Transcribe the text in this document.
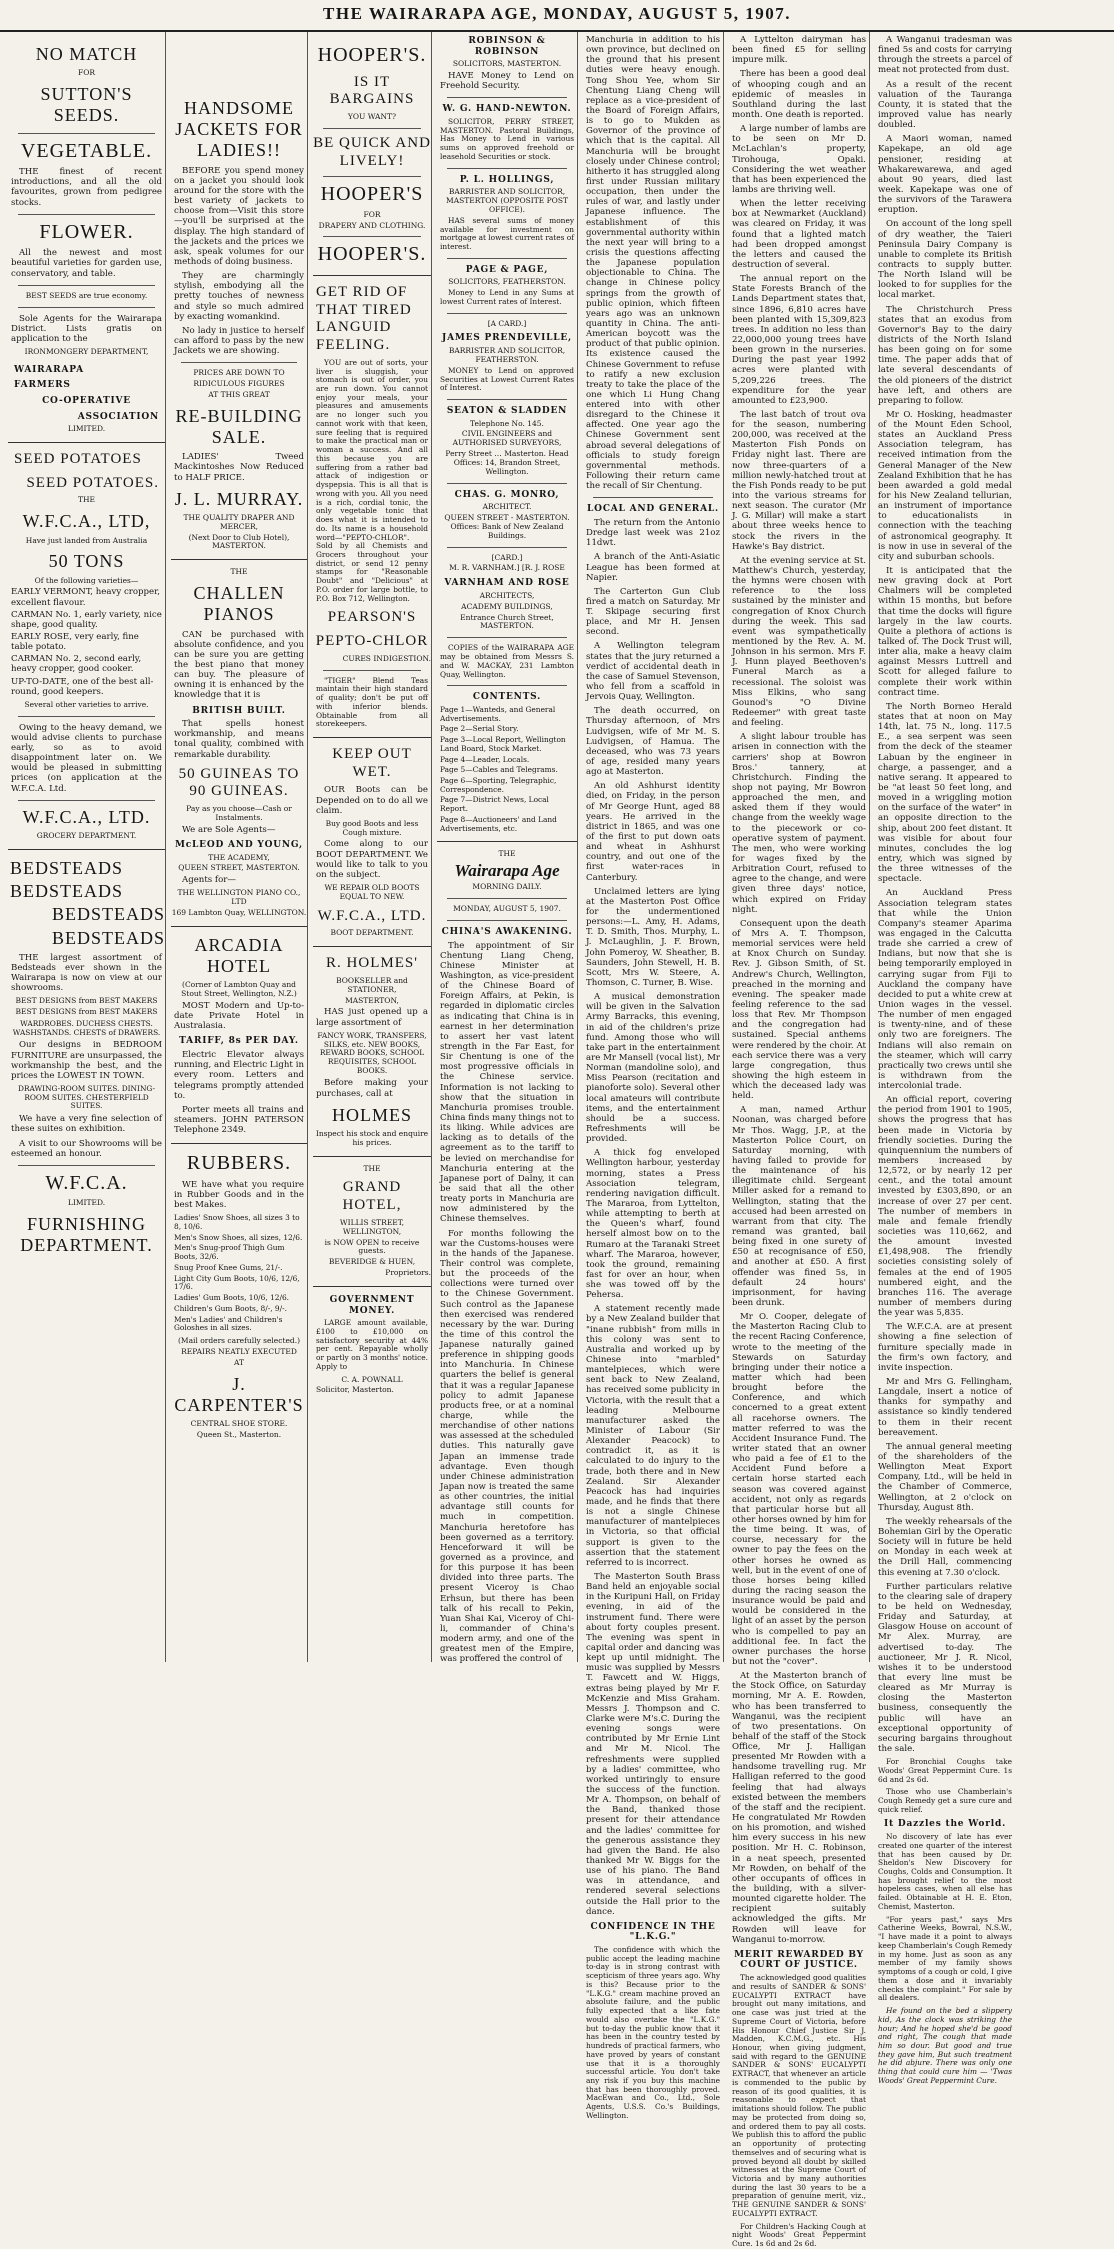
THE WAIRARAPA AGE, MONDAY, AUGUST 5, 1907.
NO MATCH
FOR
SUTTON'S SEEDS.
VEGETABLE.
THE finest of recent introductions, and all the old favourites, grown from pedigree stocks.
FLOWER.
All the newest and most beautiful varieties for garden use, conservatory, and table.
BEST SEEDS are true economy.
Sole Agents for the Wairarapa District. Lists gratis on application to the
IRONMONGERY DEPARTMENT,
WAIRARAPA
FARMERS
CO-OPERATIVE
ASSOCIATION
LIMITED.
SEED POTATOES
SEED POTATOES.
THE
W.F.C.A., LTD,
Have just landed from Australia
50 TONS
Of the following varieties—
EARLY VERMONT, heavy cropper, excellent flavour.
CARMAN No. 1, early variety, nice shape, good quality.
EARLY ROSE, very early, fine table potato.
CARMAN No. 2, second early, heavy cropper, good cooker.
UP-TO-DATE, one of the best all-round, good keepers.
Several other varieties to arrive.
Owing to the heavy demand, we would advise clients to purchase early, so as to avoid disappointment later on. We would be pleased in submitting prices (on application at the W.F.C.A. Ltd.
W.F.C.A., LTD.
GROCERY DEPARTMENT.
BEDSTEADS
BEDSTEADS
BEDSTEADS
BEDSTEADS
THE largest assortment of Bedsteads ever shown in the Wairarapa is now on view at our showrooms.
BEST DESIGNS from BEST MAKERS
BEST DESIGNS from BEST MAKERS
WARDROBES. DUCHESS CHESTS. WASHSTANDS. CHESTS of DRAWERS.
Our designs in BEDROOM FURNITURE are unsurpassed, the workmanship the best, and the prices the LOWEST IN TOWN.
DRAWING-ROOM SUITES. DINING-ROOM SUITES. CHESTERFIELD SUITES.
We have a very fine selection of these suites on exhibition.
A visit to our Showrooms will be esteemed an honour.
W.F.C.A.
LIMITED.
FURNISHING DEPARTMENT.
HANDSOME JACKETS FOR LADIES!!
BEFORE you spend money on a jacket you should look around for the store with the best variety of jackets to choose from—Visit this store—you'll be surprised at the display. The high standard of the jackets and the prices we ask, speak volumes for our methods of doing business.
They are charmingly stylish, embodying all the pretty touches of newness and style so much admired by exacting womankind.
No lady in justice to herself can afford to pass by the new Jackets we are showing.
PRICES ARE DOWN TO
RIDICULOUS FIGURES
AT THIS GREAT
RE-BUILDING SALE.
LADIES' Tweed Mackintoshes Now Reduced to HALF PRICE.
J. L. MURRAY.
THE QUALITY DRAPER AND MERCER,
(Next Door to Club Hotel), MASTERTON.
THE
CHALLEN PIANOS
CAN be purchased with absolute confidence, and you can be sure you are getting the best piano that money can buy. The pleasure of owning it is enhanced by the knowledge that it is
BRITISH BUILT.
That spells honest workmanship, and means tonal quality, combined with remarkable durability.
50 GUINEAS TO 90 GUINEAS.
Pay as you choose—Cash or Instalments.
We are Sole Agents—
McLEOD AND YOUNG,
THE ACADEMY,
QUEEN STREET, MASTERTON.
Agents for—
THE WELLINGTON PIANO CO., LTD
169 Lambton Quay, WELLINGTON.
ARCADIA HOTEL
(Corner of Lambton Quay and Stout Street, Wellington, N.Z.)
MOST Modern and Up-to-date Private Hotel in Australasia.
TARIFF, 8s PER DAY.
Electric Elevator always running, and Electric Light in every room. Letters and telegrams promptly attended to.
Porter meets all trains and steamers. JOHN PATERSON Telephone 2349.
RUBBERS.
WE have what you require in Rubber Goods and in the best Makes.
Ladies' Snow Shoes, all sizes 3 to 8, 10/6.
Men's Snow Shoes, all sizes, 12/6.
Men's Snug-proof Thigh Gum Boots, 32/6.
Snug Proof Knee Gums, 21/-.
Light City Gum Boots, 10/6, 12/6, 17/6.
Ladies' Gum Boots, 10/6, 12/6.
Children's Gum Boots, 8/-, 9/-.
Men's Ladies' and Children's Goloshes in all sizes.
(Mail orders carefully selected.)
REPAIRS NEATLY EXECUTED
AT
J. CARPENTER'S
CENTRAL SHOE STORE.
Queen St., Masterton.
HOOPER'S.
IS IT BARGAINS
YOU WANT?
BE QUICK AND LIVELY!
HOOPER'S
FOR
DRAPERY AND CLOTHING.
HOOPER'S.
GET RID OF THAT TIRED LANGUID FEELING.
YOU are out of sorts, your liver is sluggish, your stomach is out of order, you are run down. You cannot enjoy your meals, your pleasures and amusements are no longer such you cannot work with that keen, sure feeling that is required to make the practical man or woman a success. And all this because you are suffering from a rather bad attack of indigestion or dyspepsia. This is all that is wrong with you. All you need is a rich, cordial tonic, the only vegetable tonic that does what it is intended to do. Its name is a household word—"PEPTO-CHLOR". Sold by all Chemists and Grocers throughout your district, or send 12 penny stamps for "Reasonable Doubt" and "Delicious" at P.O. order for large bottle, to P.O. Box 712, Wellington.
PEARSON'S
PEPTO-CHLOR
CURES INDIGESTION.
"TIGER" Blend Teas maintain their high standard of quality; don't be put off with inferior blends. Obtainable from all storekeepers.
KEEP OUT WET.
OUR Boots can be Depended on to do all we claim.
Buy good Boots and less Cough mixture.
Come along to our BOOT DEPARTMENT. We would like to talk to you on the subject.
WE REPAIR OLD BOOTS EQUAL TO NEW.
W.F.C.A., LTD.
BOOT DEPARTMENT.
R. HOLMES'
BOOKSELLER and STATIONER,
MASTERTON,
HAS just opened up a large assortment of
FANCY WORK, TRANSFERS, SILKS, etc. NEW BOOKS, REWARD BOOKS, SCHOOL REQUISITES, SCHOOL BOOKS.
Before making your purchases, call at
HOLMES
Inspect his stock and enquire his prices.
THE
GRAND HOTEL,
WILLIS STREET, WELLINGTON,
is NOW OPEN to receive guests.
BEVERIDGE & HUEN,
Proprietors.
GOVERNMENT MONEY.
LARGE amount available, £100 to £10,000 on satisfactory security at 44% per cent. Repayable wholly or partly on 3 months' notice. Apply to
C. A. POWNALL
Solicitor, Masterton.
ROBINSON & ROBINSON
SOLICITORS, MASTERTON.
HAVE Money to Lend on Freehold Security.
W. G. HAND-NEWTON.
SOLICITOR, PERRY STREET, MASTERTON. Pastoral Buildings, Has Money to Lend in various sums on approved freehold or leasehold Securities or stock.
P. L. HOLLINGS,
BARRISTER AND SOLICITOR, MASTERTON (OPPOSITE POST OFFICE).
HAS several sums of money available for investment on mortgage at lowest current rates of interest.
PAGE & PAGE,
SOLICITORS, FEATHERSTON.
Money to Lend in any Sums at lowest Current rates of Interest.
[A CARD.]
JAMES PRENDEVILLE,
BARRISTER AND SOLICITOR, FEATHERSTON.
MONEY to Lend on approved Securities at Lowest Current Rates of Interest.
SEATON & SLADDEN
Telephone No. 145.
CIVIL ENGINEERS and AUTHORISED SURVEYORS,
Perry Street … Masterton. Head Offices: 14, Brandon Street, Wellington.
CHAS. G. MONRO,
ARCHITECT.
QUEEN STREET - MASTERTON. Offices: Bank of New Zealand Buildings.
[CARD.]
M. R. VARNHAM.] [R. J. ROSE
VARNHAM AND ROSE
ARCHITECTS,
ACADEMY BUILDINGS,
Entrance Church Street, MASTERTON.
COPIES of the WAIRARAPA AGE may be obtained from Messrs S. and W. MACKAY, 231 Lambton Quay, Wellington.
CONTENTS.
Page 1—Wanteds, and General Advertisements.
Page 2—Serial Story.
Page 3—Local Report, Wellington Land Board, Stock Market.
Page 4—Leader, Locals.
Page 5—Cables and Telegrams.
Page 6—Sporting, Telegraphic, Correspondence.
Page 7—District News, Local Report.
Page 8—Auctioneers' and Land Advertisements, etc.
THE
Wairarapa Age
MORNING DAILY.
MONDAY, AUGUST 5, 1907.
CHINA'S AWAKENING.
The appointment of Sir Chentung Liang Cheng, Chinese Minister at Washington, as vice-president of the Chinese Board of Foreign Affairs, at Pekin, is regarded in diplomatic circles as indicating that China is in earnest in her determination to assert her vast latent strength in the Far East, for Sir Chentung is one of the most progressive officials in the Chinese service. Information is not lacking to show that the situation in Manchuria promises trouble. China finds many things not to its liking. While advices are lacking as to details of the agreement as to the tariff to be levied on merchandise for Manchuria entering at the Japanese port of Dalny, it can be said that all the other treaty ports in Manchuria are now administered by the Chinese themselves.
For months following the war the Customs-houses were in the hands of the Japanese. Their control was complete, but the proceeds of the collections were turned over to the Chinese Government. Such control as the Japanese then exercised was rendered necessary by the war. During the time of this control the Japanese naturally gained preference in shipping goods into Manchuria. In Chinese quarters the belief is general that it was a regular Japanese policy to admit Japanese products free, or at a nominal charge, while the merchandise of other nations was assessed at the scheduled duties. This naturally gave Japan an immense trade advantage. Even though under Chinese administration Japan now is treated the same as other countries, the initial advantage still counts for much in competition. Manchuria heretofore has been governed as a territory. Henceforward it will be governed as a province, and for this purpose it has been divided into three parts. The present Viceroy is Chao Erhsun, but there has been talk of his recall to Pekin, Yuan Shai Kai, Viceroy of Chi-li, commander of China's modern army, and one of the greatest men of the Empire, was proffered the control of
Manchuria in addition to his own province, but declined on the ground that his present duties were heavy enough. Tong Shou Yee, whom Sir Chentung Liang Cheng will replace as a vice-president of the Board of Foreign Affairs, is to go to Mukden as Governor of the province of which that is the capital. All Manchuria will be brought closely under Chinese control; hitherto it has struggled along first under Russian military occupation, then under the rules of war, and lastly under Japanese influence. The establishment of this governmental authority within the next year will bring to a crisis the questions affecting the Japanese population objectionable to China. The change in Chinese policy springs from the growth of public opinion, which fifteen years ago was an unknown quantity in China. The anti-American boycott was the product of that public opinion. Its existence caused the Chinese Government to refuse to ratify a new exclusion treaty to take the place of the one which Li Hung Chang entered into with other disregard to the Chinese it affected. One year ago the Chinese Government sent abroad several delegations of officials to study foreign governmental methods. Following their return came the recall of Sir Chentung.
LOCAL AND GENERAL.
The return from the Antonio Dredge last week was 21oz 11dwt.
A branch of the Anti-Asiatic League has been formed at Napier.
The Carterton Gun Club fired a match on Saturday. Mr T. Skipage securing first place, and Mr H. Jensen second.
A Wellington telegram states that the jury returned a verdict of accidental death in the case of Samuel Stevenson, who fell from a scaffold in Jervois Quay, Wellington.
The death occurred, on Thursday afternoon, of Mrs Ludvigsen, wife of Mr M. S. Ludvigsen, of Hamua. The deceased, who was 73 years of age, resided many years ago at Masterton.
An old Ashhurst identity died, on Friday, in the person of Mr George Hunt, aged 88 years. He arrived in the district in 1865, and was one of the first to put down oats and wheat in Ashhurst country, and out one of the first water-races in Canterbury.
Unclaimed letters are lying at the Masterton Post Office for the undermentioned persons:—L. Amy, H. Adams, T. D. Smith, Thos. Murphy, L. J. McLaughlin, J. F. Brown, John Pomeroy, W. Sheather, B. Saunders, John Stewell, H. B. Scott, Mrs W. Steere, A. Thomson, C. Turner, B. Wise.
A musical demonstration will be given in the Salvation Army Barracks, this evening, in aid of the children's prize fund. Among those who will take part in the entertainment are Mr Mansell (vocal list), Mr Norman (mandoline solo), and Miss Pearson (recitation and pianoforte solo). Several other local amateurs will contribute items, and the entertainment should be a success. Refreshments will be provided.
A thick fog enveloped Wellington harbour, yesterday morning, states a Press Association telegram, rendering navigation difficult. The Mararoa, from Lyttelton, while attempting to berth at the Queen's wharf, found herself almost bow on to the Rumaro at the Taranaki Street wharf. The Mararoa, however, took the ground, remaining fast for over an hour, when she was towed off by the Pehersa.
A statement recently made by a New Zealand builder that "inane rubbish" from mills in this colony was sent to Australia and worked up by Chinese into "marbled" mantelpieces, which were sent back to New Zealand, has received some publicity in Victoria, with the result that a leading Melbourne manufacturer asked the Minister of Labour (Sir Alexander Peacock) to contradict it, as it is calculated to do injury to the trade, both there and in New Zealand. Sir Alexander Peacock has had inquiries made, and he finds that there is not a single Chinese manufacturer of mantelpieces in Victoria, so that official support is given to the assertion that the statement referred to is incorrect.
The Masterton South Brass Band held an enjoyable social in the Kuripuni Hall, on Friday evening, in aid of the instrument fund. There were about forty couples present. The evening was spent in capital order and dancing was kept up until midnight. The music was supplied by Messrs T. Fawcett and W. Higgs, extras being played by Mr F. McKenzie and Miss Graham. Messrs J. Thompson and C. Clarke were M's.C. During the evening songs were contributed by Mr Ernie Lint and Mr M. Nicol. The refreshments were supplied by a ladies' committee, who worked untiringly to ensure the success of the function. Mr A. Thompson, on behalf of the Band, thanked those present for their attendance and the ladies' committee for the generous assistance they had given the Band. He also thanked Mr W. Biggs for the use of his piano. The Band was in attendance, and rendered several selections outside the Hall prior to the dance.
CONFIDENCE IN THE "L.K.G."
The confidence with which the public accept the leading machine to-day is in strong contrast with scepticism of three years ago. Why is this? Because prior to the "L.K.G." cream machine proved an absolute failure, and the public fully expected that a like fate would also overtake the "L.K.G." but to-day the public know that it has been in the country tested by hundreds of practical farmers, who have proved by years of constant use that it is a thoroughly successful article. You don't take any risk if you buy this machine that has been thoroughly proved. MacEwan and Co., Ltd., Sole Agents, U.S.S. Co.'s Buildings, Wellington.
A Lyttelton dairyman has been fined £5 for selling impure milk.
There has been a good deal of whooping cough and an epidemic of measles in Southland during the last month. One death is reported.
A large number of lambs are to be seen on Mr D. McLachlan's property, Tirohouga, Opaki. Considering the wet weather that has been experienced the lambs are thriving well.
When the letter receiving box at Newmarket (Auckland) was cleared on Friday, it was found that a lighted match had been dropped amongst the letters and caused the destruction of several.
The annual report on the State Forests Branch of the Lands Department states that, since 1896, 6,810 acres have been planted with 15,309,823 trees. In addition no less than 22,000,000 young trees have been grown in the nurseries. During the past year 1992 acres were planted with 5,209,226 trees. The expenditure for the year amounted to £23,900.
The last batch of trout ova for the season, numbering 200,000, was received at the Masterton Fish Ponds on Friday night last. There are now three-quarters of a million newly-hatched trout at the Fish Ponds ready to be put into the various streams for next season. The curator (Mr J. G. Millar) will make a start about three weeks hence to stock the rivers in the Hawke's Bay district.
At the evening service at St. Matthew's Church, yesterday, the hymns were chosen with reference to the loss sustained by the minister and congregation of Knox Church during the week. This sad event was sympathetically mentioned by the Rev. A. M. Johnson in his sermon. Mrs F. J. Hunn played Beethoven's Funeral March as a recessional. The soloist was Miss Elkins, who sang Gounod's "O Divine Redeemer" with great taste and feeling.
A slight labour trouble has arisen in connection with the carriers' shop at Bowron Bros.' tannery, at Christchurch. Finding the shop not paying, Mr Bowron approached the men, and asked them if they would change from the weekly wage to the piecework or co-operative system of payment. The men, who were working for wages fixed by the Arbitration Court, refused to agree to the change, and were given three days' notice, which expired on Friday night.
Consequent upon the death of Mrs A. T. Thompson, memorial services were held at Knox Church on Sunday. Rev. J. Gibson Smith, of St. Andrew's Church, Wellington, preached in the morning and evening. The speaker made feeling reference to the sad loss that Rev. Mr Thompson and the congregation had sustained. Special anthems were rendered by the choir. At each service there was a very large congregation, thus showing the high esteem in which the deceased lady was held.
A man, named Arthur Noonan, was charged before Mr Thos. Wagg, J.P., at the Masterton Police Court, on Saturday morning, with having failed to provide for the maintenance of his illegitimate child. Sergeant Miller asked for a remand to Wellington, stating that the accused had been arrested on warrant from that city. The remand was granted, bail being fixed in one surety of £50 at recognisance of £50, and another at £50. A first offender was fined 5s, in default 24 hours' imprisonment, for having been drunk.
Mr O. Cooper, delegate of the Masterton Racing Club to the recent Racing Conference, wrote to the meeting of the Stewards on Saturday bringing under their notice a matter which had been brought before the Conference, and which concerned to a great extent all racehorse owners. The matter referred to was the Accident Insurance Fund. The writer stated that an owner who paid a fee of £1 to the Accident Fund before a certain horse started each season was covered against accident, not only as regards that particular horse but all other horses owned by him for the time being. It was, of course, necessary for the owner to pay the fees on the other horses he owned as well, but in the event of one of those horses being killed during the racing season the insurance would be paid and would be considered in the light of an asset by the person who is compelled to pay an additional fee. In fact the owner purchases the horse but not the "cover".
At the Masterton branch of the Stock Office, on Saturday morning, Mr A. E. Rowden, who has been transferred to Wanganui, was the recipient of two presentations. On behalf of the staff of the Stock Office, Mr J. Halligan presented Mr Rowden with a handsome travelling rug. Mr Halligan referred to the good feeling that had always existed between the members of the staff and the recipient. He congratulated Mr Rowden on his promotion, and wished him every success in his new position. Mr H. C. Robinson, in a neat speech, presented Mr Rowden, on behalf of the other occupants of offices in the building, with a silver-mounted cigarette holder. The recipient suitably acknowledged the gifts. Mr Rowden will leave for Wanganui to-morrow.
MERIT REWARDED BY COURT OF JUSTICE.
The acknowledged good qualities and results of SANDER & SONS' EUCALYPTI EXTRACT have brought out many imitations, and one case was just tried at the Supreme Court of Victoria, before His Honour Chief Justice Sir J. Madden, K.C.M.G., etc. His Honour, when giving judgment, said with regard to the GENUINE SANDER & SONS' EUCALYPTI EXTRACT, that whenever an article is commended to the public by reason of its good qualities, it is reasonable to expect that imitations should follow. The public may be protected from doing so, and ordered them to pay all costs. We publish this to afford the public an opportunity of protecting themselves and of securing what is proved beyond all doubt by skilled witnesses at the Supreme Court of Victoria and by many authorities during the last 30 years to be a preparation of genuine merit, viz., THE GENUINE SANDER & SONS' EUCALYPTI EXTRACT.
For Children's Hacking Cough at night Woods' Great Peppermint Cure. 1s 6d and 2s 6d.
A Wanganui tradesman was fined 5s and costs for carrying through the streets a parcel of meat not protected from dust.
As a result of the recent valuation of the Tauranga County, it is stated that the improved value has nearly doubled.
A Maori woman, named Kapekape, an old age pensioner, residing at Whakarewarewa, and aged about 90 years, died last week. Kapekape was one of the survivors of the Tarawera eruption.
On account of the long spell of dry weather, the Taieri Peninsula Dairy Company is unable to complete its British contracts to supply butter. The North Island will be looked to for supplies for the local market.
The Christchurch Press states that an exodus from Governor's Bay to the dairy districts of the North Island has been going on for some time. The paper adds that of late several descendants of the old pioneers of the district have left, and others are preparing to follow.
Mr O. Hosking, headmaster of the Mount Eden School, states an Auckland Press Association telegram, has received intimation from the General Manager of the New Zealand Exhibition that he has been awarded a gold medal for his New Zealand tellurian, an instrument of importance to educationalists in connection with the teaching of astronomical geography. It is now in use in several of the city and suburban schools.
It is anticipated that the new graving dock at Port Chalmers will be completed within 15 months, but before that time the docks will figure largely in the law courts. Quite a plethora of actions is talked of. The Dock Trust will, inter alia, make a heavy claim against Messrs Luttrell and Scott for alleged failure to complete their work within contract time.
The North Borneo Herald states that at noon on May 14th, lat. 75 N., long. 117.5 E., a sea serpent was seen from the deck of the steamer Labuan by the engineer in charge, a passenger, and a native serang. It appeared to be "at least 50 feet long, and moved in a wriggling motion on the surface of the water" in an opposite direction to the ship, about 200 feet distant. It was visible for about four minutes, concludes the log entry, which was signed by the three witnesses of the spectacle.
An Auckland Press Association telegram states that while the Union Company's steamer Aparima was engaged in the Calcutta trade she carried a crew of Indians, but now that she is being temporarily employed in carrying sugar from Fiji to Auckland the company have decided to put a white crew at Union wages in the vessel. The number of men engaged is twenty-nine, and of these only two are foreigners. The Indians will also remain on the steamer, which will carry practically two crews until she is withdrawn from the intercolonial trade.
An official report, covering the period from 1901 to 1905, shows the progress that has been made in Victoria by friendly societies. During the quinquennium the numbers of members increased by 12,572, or by nearly 12 per cent., and the total amount invested by £303,890, or an increase of over 27 per cent. The number of members in male and female friendly societies was 110,662, and the amount invested £1,498,908. The friendly societies consisting solely of females at the end of 1905 numbered eight, and the branches 116. The average number of members during the year was 5,835.
The W.F.C.A. are at present showing a fine selection of furniture specially made in the firm's own factory, and invite inspection.
Mr and Mrs G. Fellingham, Langdale, insert a notice of thanks for sympathy and assistance so kindly tendered to them in their recent bereavement.
The annual general meeting of the shareholders of the Wellington Meat Export Company, Ltd., will be held in the Chamber of Commerce, Wellington, at 2 o'clock on Thursday, August 8th.
The weekly rehearsals of the Bohemian Girl by the Operatic Society will in future be held on Monday in each week at the Drill Hall, commencing this evening at 7.30 o'clock.
Further particulars relative to the clearing sale of drapery to be held on Wednesday, Friday and Saturday, at Glasgow House on account of Mr Alex. Murray, are advertised to-day. The auctioneer, Mr J. R. Nicol, wishes it to be understood that every line must be cleared as Mr Murray is closing the Masterton business, consequently the public will have an exceptional opportunity of securing bargains throughout the sale.
For Bronchial Coughs take Woods' Great Peppermint Cure. 1s 6d and 2s 6d.
Those who use Chamberlain's Cough Remedy get a sure cure and quick relief.
It Dazzles the World.
No discovery of late has ever created one quarter of the interest that has been caused by Dr. Sheldon's New Discovery for Coughs, Colds and Consumption. It has brought relief to the most hopeless cases, when all else has failed. Obtainable at H. E. Eton, Chemist, Masterton.
"For years past," says Mrs Catherine Weeks, Bowral, N.S.W., "I have made it a point to always keep Chamberlain's Cough Remedy in my home. Just as soon as any member of my family shows symptoms of a cough or cold, I give them a dose and it invariably checks the complaint." For sale by all dealers.
He found on the bed a slippery kid, As the clock was striking the hour; And he hoped she'd be good and right, The cough that made him so dour. But good and true they gave him, But such treatment he did abjure. There was only one thing that could cure him — 'Twas Woods' Great Peppermint Cure.
